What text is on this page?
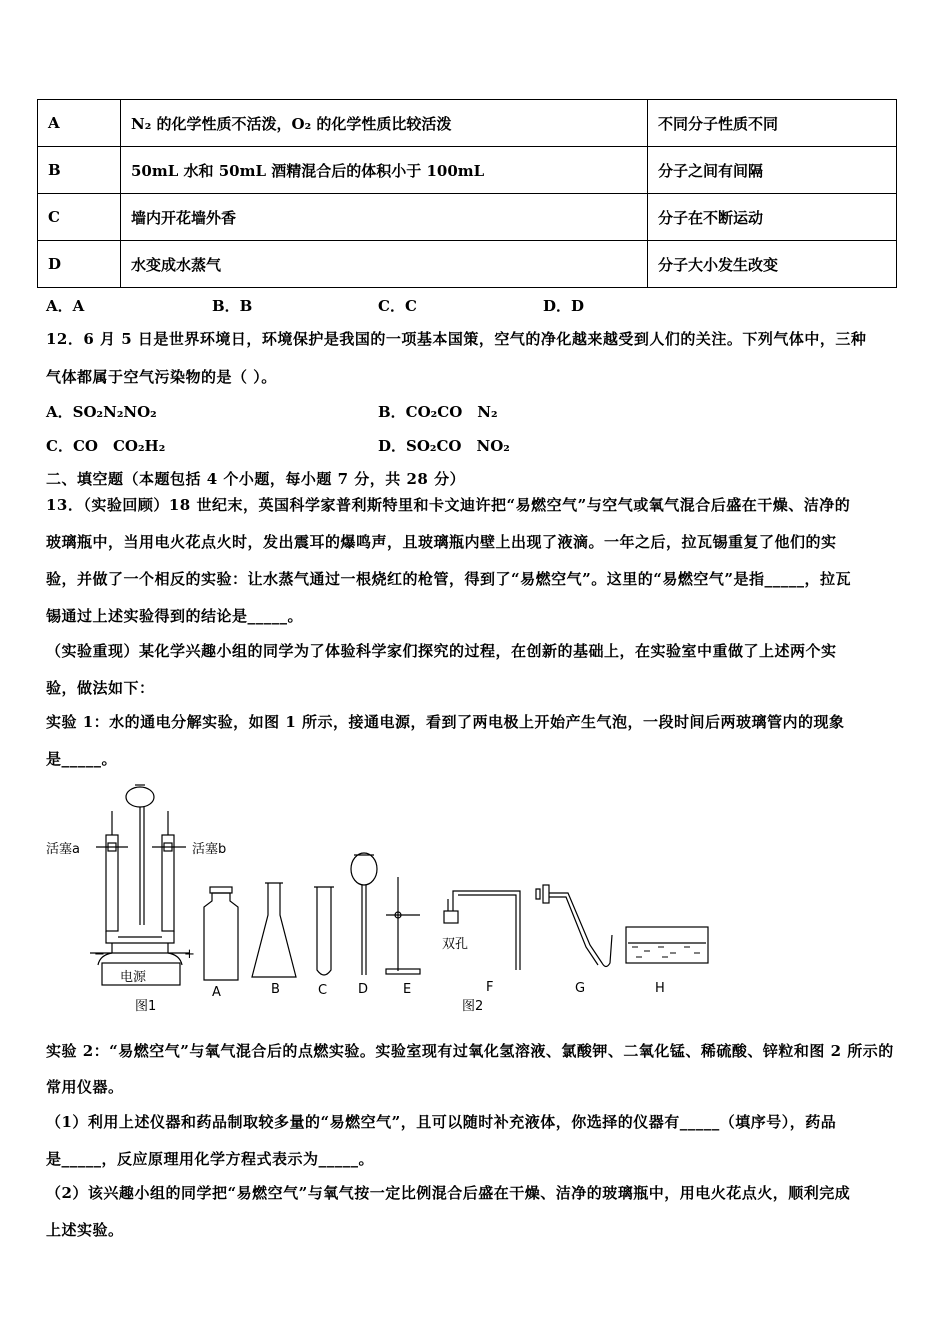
A	N₂ 的化学性质不活泼，O₂ 的化学性质比较活泼	不同分子性质不同
B	50mL 水和 50mL 酒精混合后的体积小于 100mL	分子之间有间隔
C	墙内开花墙外香	分子在不断运动
D	水变成水蒸气	分子大小发生改变
A．A	B．B	C．C	D．D
12．6 月 5 日是世界环境日，环境保护是我国的一项基本国策，空气的净化越来越受到人们的关注。下列气体中，三种
气体都属于空气污染物的是（ ）。
A．SO₂N₂NO₂	B．CO₂CO　N₂
C．CO　CO₂H₂	D．SO₂CO　NO₂
二、填空题（本题包括 4 个小题，每小题 7 分，共 28 分）
13．（实验回顾）18 世纪末，英国科学家普利斯特里和卡文迪许把“易燃空气”与空气或氧气混合后盛在干燥、洁净的
玻璃瓶中，当用电火花点火时，发出震耳的爆鸣声，且玻璃瓶内壁上出现了液滴。一年之后，拉瓦锡重复了他们的实
验，并做了一个相反的实验：让水蒸气通过一根烧红的枪管，得到了“易燃空气”。这里的“易燃空气”是指_____，拉瓦
锡通过上述实验得到的结论是_____。
（实验重现）某化学兴趣小组的同学为了体验科学家们探究的过程，在创新的基础上，在实验室中重做了上述两个实
验，做法如下：
实验 1：水的通电分解实验，如图 1 所示，接通电源，看到了两电极上开始产生气泡，一段时间后两玻璃管内的现象
是_____。
活塞a	活塞b
电源
−	+
图1
双孔
A	B	C D	E	F
图2
G	H
实验 2：“易燃空气”与氧气混合后的点燃实验。实验室现有过氧化氢溶液、氯酸钾、二氧化锰、稀硫酸、锌粒和图 2 所示的
常用仪器。
（1）利用上述仪器和药品制取较多量的“易燃空气”，且可以随时补充液体，你选择的仪器有_____（填序号），药品
是_____，反应原理用化学方程式表示为_____。
（2）该兴趣小组的同学把“易燃空气”与氧气按一定比例混合后盛在干燥、洁净的玻璃瓶中，用电火花点火，顺利完成
上述实验。
